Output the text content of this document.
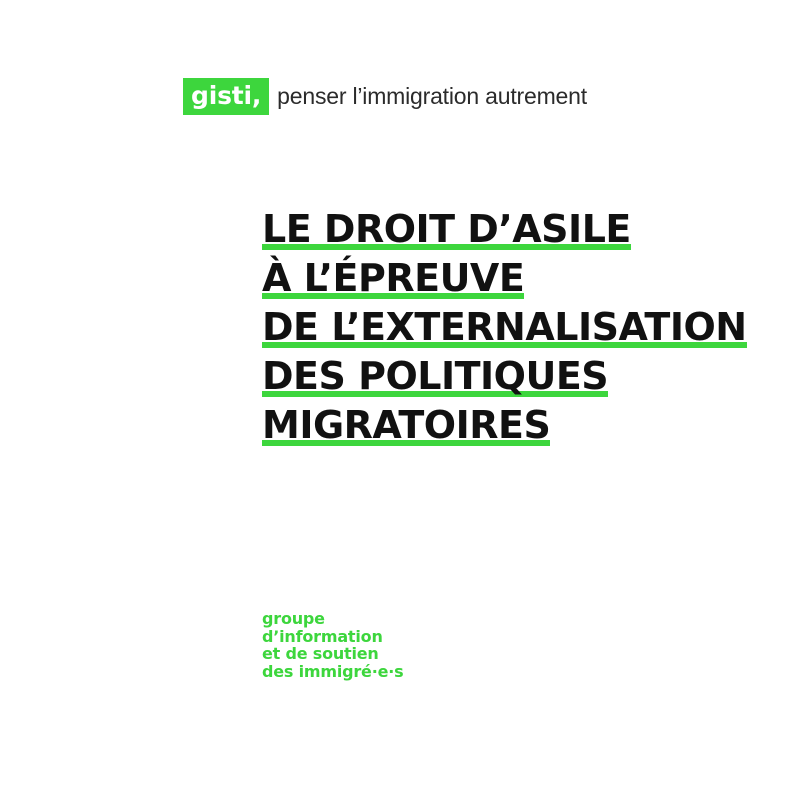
gisti, penser l’immigration autrement
LE DROIT D’ASILE
À L’ÉPREUVE
DE L’EXTERNALISATION
DES POLITIQUES
MIGRATOIRES
groupe
d’information
et de soutien
des immigré·e·s
